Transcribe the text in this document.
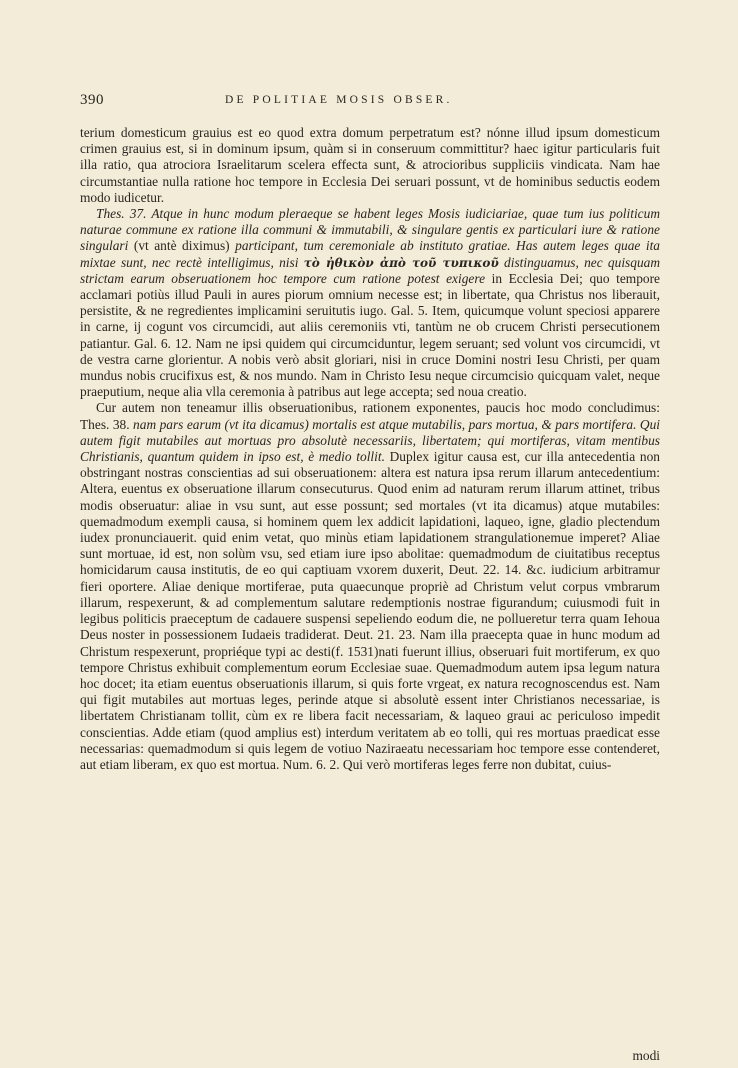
390	DE POLITIAE MOSIS OBSER.

terium domesticum grauius est eo quod extra domum perpetratum est? nónne illud ipsum domesticum crimen grauius est, si in dominum ipsum, quàm si in conseruum committitur? haec igitur particularis fuit illa ratio, qua atrociora Israelitarum scelera effecta sunt, & atrocioribus suppliciis vindicata. Nam hae circumstantiae nulla ratione hoc tempore in Ecclesia Dei seruari possunt, vt de hominibus seductis eodem modo iudicetur.

Thes. 37. Atque in hunc modum pleraeque se habent leges Mosis iudiciariae, quae tum ius politicum naturae commune ex ratione illa communi & immutabili, & singulare gentis ex particulari iure & ratione singulari (vt antè diximus) participant, tum ceremoniale ab instituto gratiae. Has autem leges quae ita mixtae sunt, nec rectè intelligimus, nisi τὸ ἠθικὸν ἀπὸ τοῦ τυπικοῦ distinguamus, nec quisquam strictam earum obseruationem hoc tempore cum ratione potest exigere in Ecclesia Dei; quo tempore acclamari potiùs illud Pauli in aures piorum omnium necesse est; in libertate, qua Christus nos liberauit, persistite, & ne regredientes implicamini seruitutis iugo. Gal. 5. Item, quicumque volunt speciosi apparere in carne, ij cogunt vos circumcidi, aut aliis ceremoniis vti, tantùm ne ob crucem Christi persecutionem patiantur. Gal. 6. 12. Nam ne ipsi quidem qui circumciduntur, legem seruant; sed volunt vos circumcidi, vt de vestra carne glorientur. A nobis verò absit gloriari, nisi in cruce Domini nostri Iesu Christi, per quam mundus nobis crucifixus est, & nos mundo. Nam in Christo Iesu neque circumcisio quicquam valet, neque praeputium, neque alia vlla ceremonia à patribus aut lege accepta; sed noua creatio.

Cur autem non teneamur illis obseruationibus, rationem exponentes, paucis hoc modo concludimus: Thes. 38. nam pars earum (vt ita dicamus) mortalis est atque mutabilis, pars mortua, & pars mortifera. Qui autem figit mutabiles aut mortuas pro absolutè necessariis, libertatem; qui mortiferas, vitam mentibus Christianis, quantum quidem in ipso est, è medio tollit. Duplex igitur causa est, cur illa antecedentia non obstringant nostras conscientias ad sui obseruationem: altera est natura ipsa rerum illarum antecedentium: Altera, euentus ex obseruatione illarum consecuturus. Quod enim ad naturam rerum illarum attinet, tribus modis obseruatur: aliae in vsu sunt, aut esse possunt; sed mortales (vt ita dicamus) atque mutabiles: quemadmodum exempli causa, si hominem quem lex addicit lapidationi, laqueo, igne, gladio plectendum iudex pronunciauerit. quid enim vetat, quo minùs etiam lapidationem strangulationemue imperet? Aliae sunt mortuae, id est, non solùm vsu, sed etiam iure ipso abolitae: quemadmodum de ciuitatibus receptus homicidarum causa institutis, de eo qui captiuam vxorem duxerit, Deut. 22. 14. &c. iudicium arbitramur fieri oportere. Aliae denique mortiferae, puta quaecunque propriè ad Christum velut corpus vmbrarum illarum, respexerunt, & ad complementum salutare redemptionis nostrae figurandum; cuiusmodi fuit in legibus politicis praeceptum de cadauere suspensi sepeliendo eodum die, ne pollueretur terra quam Iehoua Deus noster in possessionem Iudaeis tradiderat. Deut. 21. 23. Nam illa praecepta quae in hunc modum ad Christum respexerunt, propriéque typi ac desti(f. 1531)nati fuerunt illius, obseruari fuit mortiferum, ex quo tempore Christus exhibuit complementum eorum Ecclesiae suae. Quemadmodum autem ipsa legum natura hoc docet; ita etiam euentus obseruationis illarum, si quis forte vrgeat, ex natura recognoscendus est. Nam qui figit mutabiles aut mortuas leges, perinde atque si absolutè essent inter Christianos necessariae, is libertatem Christianam tollit, cùm ex re libera facit necessariam, & laqueo graui ac periculoso impedit conscientias. Adde etiam (quod amplius est) interdum veritatem ab eo tolli, qui res mortuas praedicat esse necessarias: quemadmodum si quis legem de votiuo Naziraeatu necessariam hoc tempore esse contenderet, aut etiam liberam, ex quo est mortua. Num. 6. 2. Qui verò mortiferas leges ferre non dubitat, cuius-

modi
